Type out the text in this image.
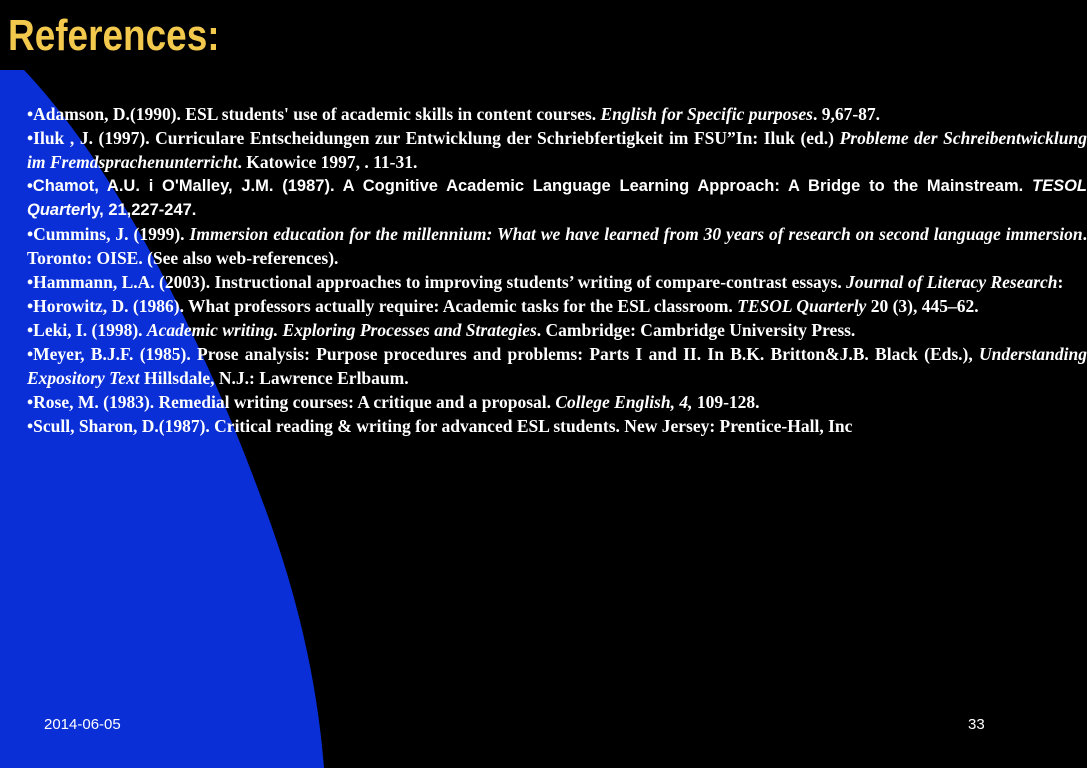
References:
•Adamson, D.(1990). ESL students' use of academic skills in content courses. English for Specific purposes. 9,67-87.
•Iluk , J. (1997). Curriculare Entscheidungen zur Entwicklung der Schriebfertigkeit im FSU”In: Iluk (ed.) Probleme der Schreibentwicklung im Fremdsprachenunterricht. Katowice 1997, . 11-31.
•Chamot, A.U. i O'Malley, J.M. (1987). A Cognitive Academic Language Learning Approach: A Bridge to the Mainstream. TESOL Quarterly, 21,227-247.
•Cummins, J. (1999). Immersion education for the millennium: What we have learned from 30 years of research on second language immersion. Toronto: OISE. (See also web-references).
•Hammann, L.A. (2003). Instructional approaches to improving students’ writing of compare-contrast essays. Journal of Literacy Research:
•Horowitz, D. (1986). What professors actually require: Academic tasks for the ESL classroom. TESOL Quarterly 20 (3), 445–62.
•Leki, I. (1998). Academic writing. Exploring Processes and Strategies. Cambridge: Cambridge University Press.
•Meyer, B.J.F. (1985). Prose analysis: Purpose procedures and problems: Parts I and II. In B.K. Britton&J.B. Black (Eds.), Understanding Expository Text Hillsdale, N.J.: Lawrence Erlbaum.
•Rose, M. (1983). Remedial writing courses: A critique and a proposal. College English, 4, 109-128.
•Scull, Sharon, D.(1987). Critical reading & writing for advanced ESL students. New Jersey: Prentice-Hall, Inc
2014-06-05	33
